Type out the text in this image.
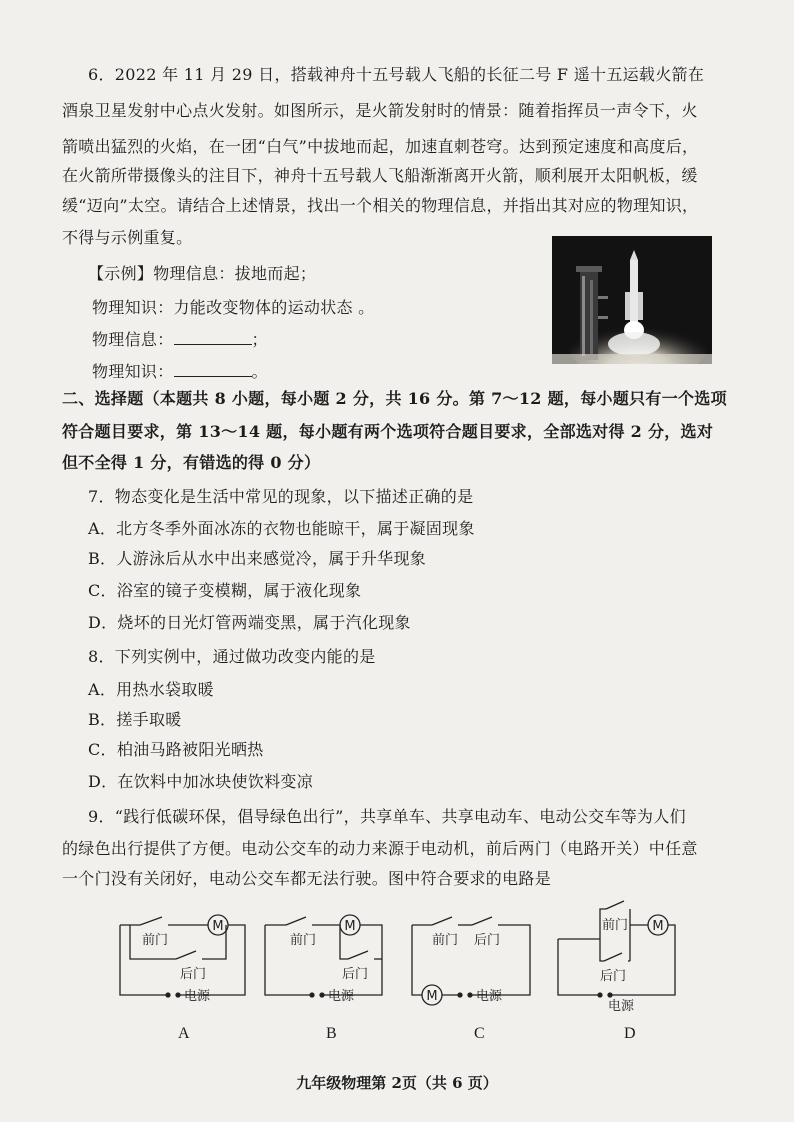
6．2022 年 11 月 29 日，搭载神舟十五号载人飞船的长征二号 F 遥十五运载火箭在
酒泉卫星发射中心点火发射。如图所示，是火箭发射时的情景：随着指挥员一声令下，火
箭喷出猛烈的火焰，在一团“白气”中拔地而起，加速直刺苍穹。达到预定速度和高度后，
在火箭所带摄像头的注目下，神舟十五号载人飞船渐渐离开火箭，顺利展开太阳帆板，缓
缓“迈向”太空。请结合上述情景，找出一个相关的物理信息，并指出其对应的物理知识，
不得与示例重复。
【示例】物理信息：拔地而起；
物理知识：力能改变物体的运动状态 。
物理信息：	；
物理知识：	。
二、选择题（本题共 8 小题，每小题 2 分，共 16 分。第 7～12 题，每小题只有一个选项
符合题目要求，第 13～14 题，每小题有两个选项符合题目要求，全部选对得 2 分，选对
但不全得 1 分，有错选的得 0 分）
7．物态变化是生活中常见的现象，以下描述正确的是
A．北方冬季外面冰冻的衣物也能晾干，属于凝固现象
B．人游泳后从水中出来感觉冷，属于升华现象
C．浴室的镜子变模糊，属于液化现象
D．烧坏的日光灯管两端变黑，属于汽化现象
8．下列实例中，通过做功改变内能的是
A．用热水袋取暖
B．搓手取暖
C．柏油马路被阳光晒热
D．在饮料中加冰块使饮料变凉
9．“践行低碳环保，倡导绿色出行”，共享单车、共享电动车、电动公交车等为人们
的绿色出行提供了方便。电动公交车的动力来源于电动机，前后两门（电路开关）中任意
一个门没有关闭好，电动公交车都无法行驶。图中符合要求的电路是
M
前门
后门
电源
M
前门
后门
电源	M
前门 后门
电源
M
前门
后门
电源
A	B	C	D
九年级物理第 2页（共 6 页）
